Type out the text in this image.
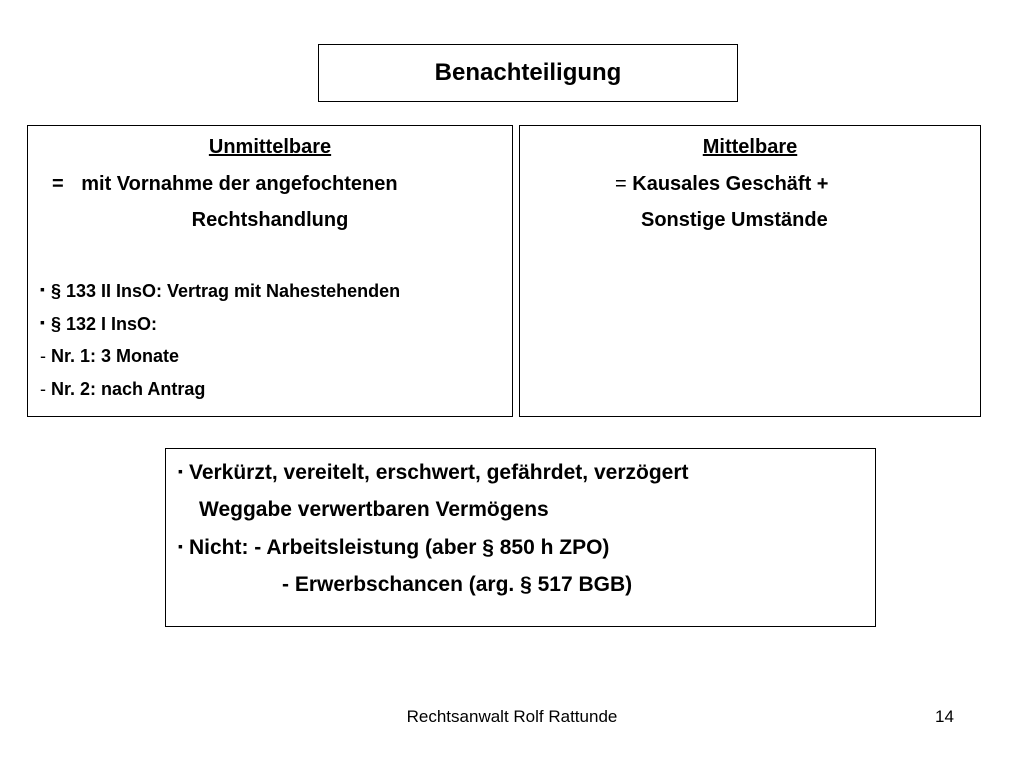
Benachteiligung
Unmittelbare
= mit Vornahme der angefochtenen
Rechtshandlung
▪ § 133 II InsO: Vertrag mit Nahestehenden
▪ § 132 I InsO:
- Nr. 1: 3 Monate
- Nr. 2: nach Antrag
Mittelbare
= Kausales Geschäft +
Sonstige Umstände
▪ Verkürzt, vereitelt, erschwert, gefährdet, verzögert
Weggabe verwertbaren Vermögens
▪ Nicht: - Arbeitsleistung (aber § 850 h ZPO)
- Erwerbschancen (arg. § 517 BGB)
Rechtsanwalt Rolf Rattunde	14
